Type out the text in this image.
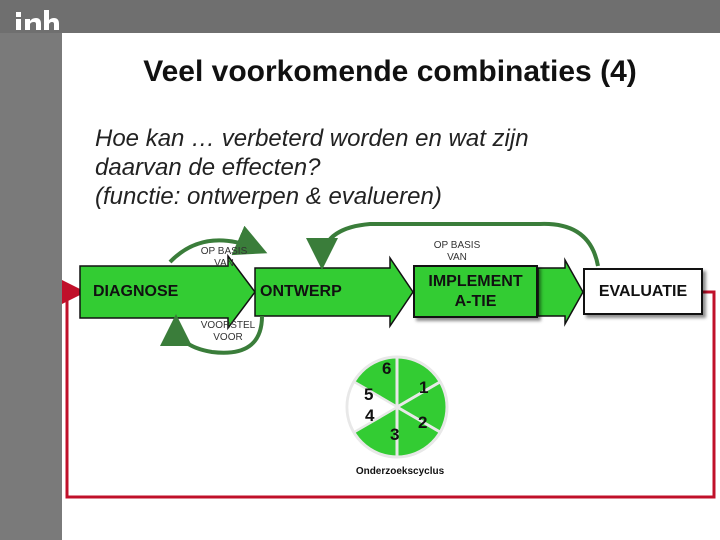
Veel voorkomende combinaties (4)
Hoe kan … verbeterd worden en wat zijn
daarvan de effecten?
(functie: ontwerpen & evalueren)
DIAGNOSE	ONTWERP
IMPLEMENT
A-TIE
EVALUATIE
OP BASIS
VAN
OP BASIS
VAN
VOORSTEL
VOOR
1
2
3
4
5
6
Onderzoekscyclus
